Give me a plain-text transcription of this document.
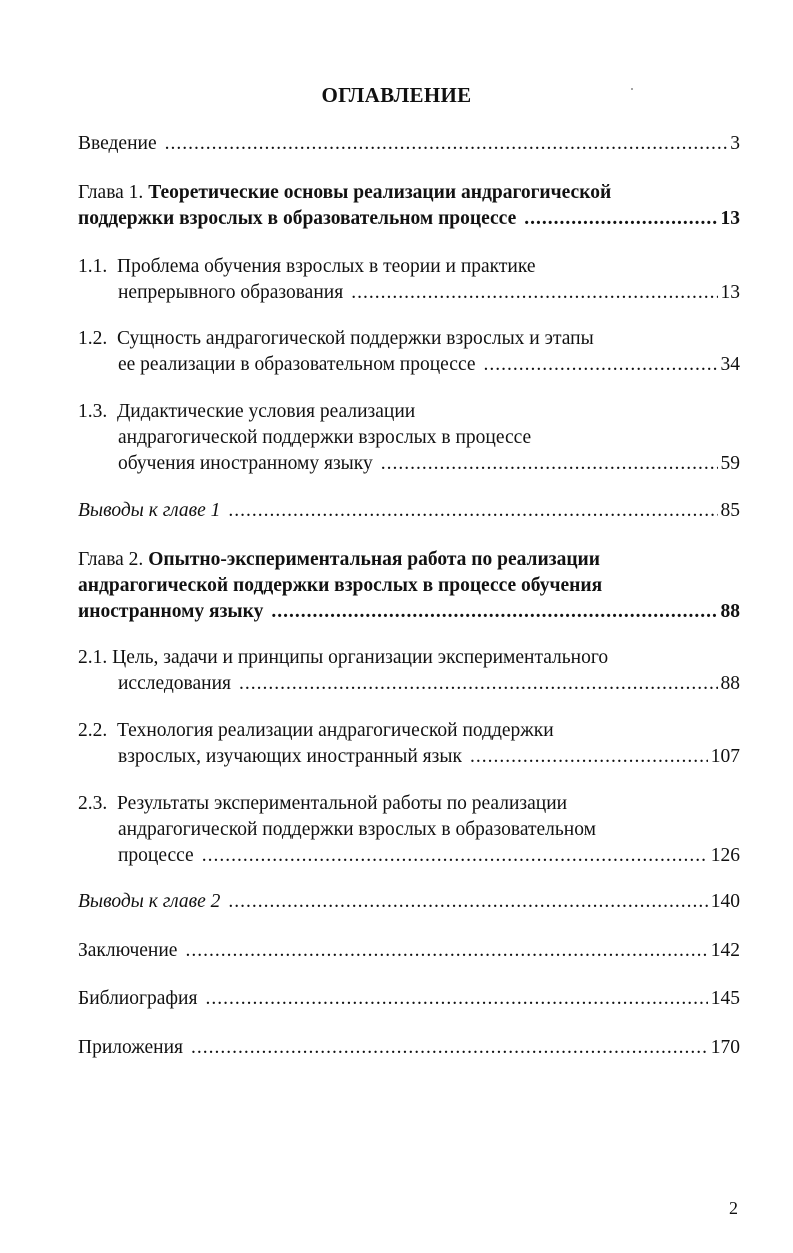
ОГЛАВЛЕНИЕ
Введение .....	3
Глава 1. Теоретические основы реализации андрагогической
поддержки взрослых в образовательном процессе .....	13
1.1. Проблема обучения взрослых в теории и практике
непрерывного образования .....	13
1.2. Сущность андрагогической поддержки взрослых и этапы
ее реализации в образовательном процессе .....	34
1.3. Дидактические условия реализации
андрагогической поддержки взрослых в процессе
обучения иностранному языку .....	59
Выводы к главе 1 .....	85
Глава 2. Опытно-экспериментальная работа по реализации
андрагогической поддержки взрослых в процессе обучения
иностранному языку .....	88
2.1. Цель, задачи и принципы организации экспериментального
исследования .....	88
2.2. Технология реализации андрагогической поддержки
взрослых, изучающих иностранный язык .....	107
2.3. Результаты экспериментальной работы по реализации
андрагогической поддержки взрослых в образовательном
процессе .....	126
Выводы к главе 2 .....	140
Заключение .....	142
Библиография .....	145
Приложения .....	170
2
